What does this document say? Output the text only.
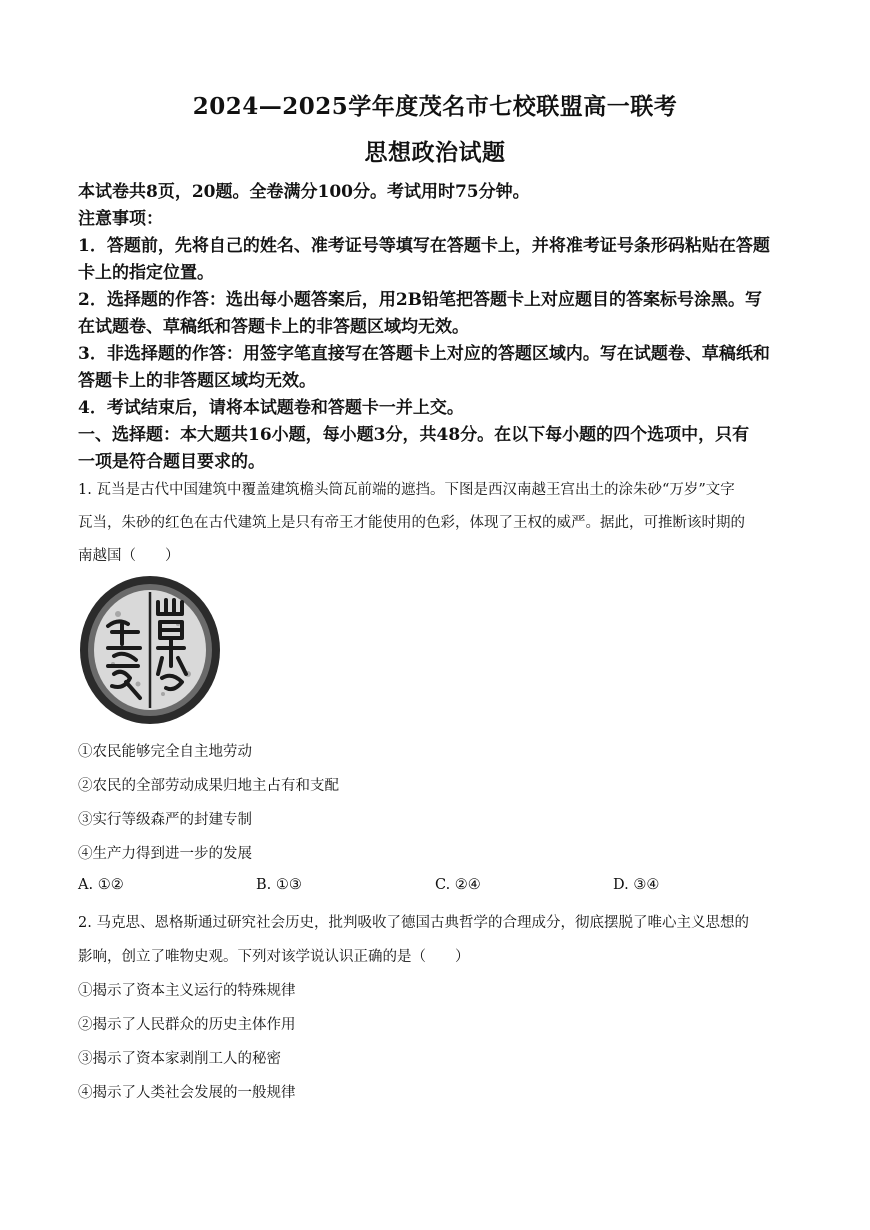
2024—2025学年度茂名市七校联盟高一联考
思想政治试题
本试卷共8页，20题。全卷满分100分。考试用时75分钟。
注意事项：
1．答题前，先将自己的姓名、准考证号等填写在答题卡上，并将准考证号条形码粘贴在答题
卡上的指定位置。
2．选择题的作答：选出每小题答案后，用2B铅笔把答题卡上对应题目的答案标号涂黑。写
在试题卷、草稿纸和答题卡上的非答题区域均无效。
3．非选择题的作答：用签字笔直接写在答题卡上对应的答题区域内。写在试题卷、草稿纸和
答题卡上的非答题区域均无效。
4．考试结束后，请将本试题卷和答题卡一并上交。
一、选择题：本大题共16小题，每小题3分，共48分。在以下每小题的四个选项中，只有
一项是符合题目要求的。
1. 瓦当是古代中国建筑中覆盖建筑檐头筒瓦前端的遮挡。下图是西汉南越王宫出土的涂朱砂“万岁”文字
瓦当，朱砂的红色在古代建筑上是只有帝王才能使用的色彩，体现了王权的威严。据此，可推断该时期的
南越国（　　）
①农民能够完全自主地劳动
②农民的全部劳动成果归地主占有和支配
③实行等级森严的封建专制
④生产力得到进一步的发展
A. ①②	B. ①③	C. ②④	D. ③④
2. 马克思、恩格斯通过研究社会历史，批判吸收了德国古典哲学的合理成分，彻底摆脱了唯心主义思想的
影响，创立了唯物史观。下列对该学说认识正确的是（　　）
①揭示了资本主义运行的特殊规律
②揭示了人民群众的历史主体作用
③揭示了资本家剥削工人的秘密
④揭示了人类社会发展的一般规律
